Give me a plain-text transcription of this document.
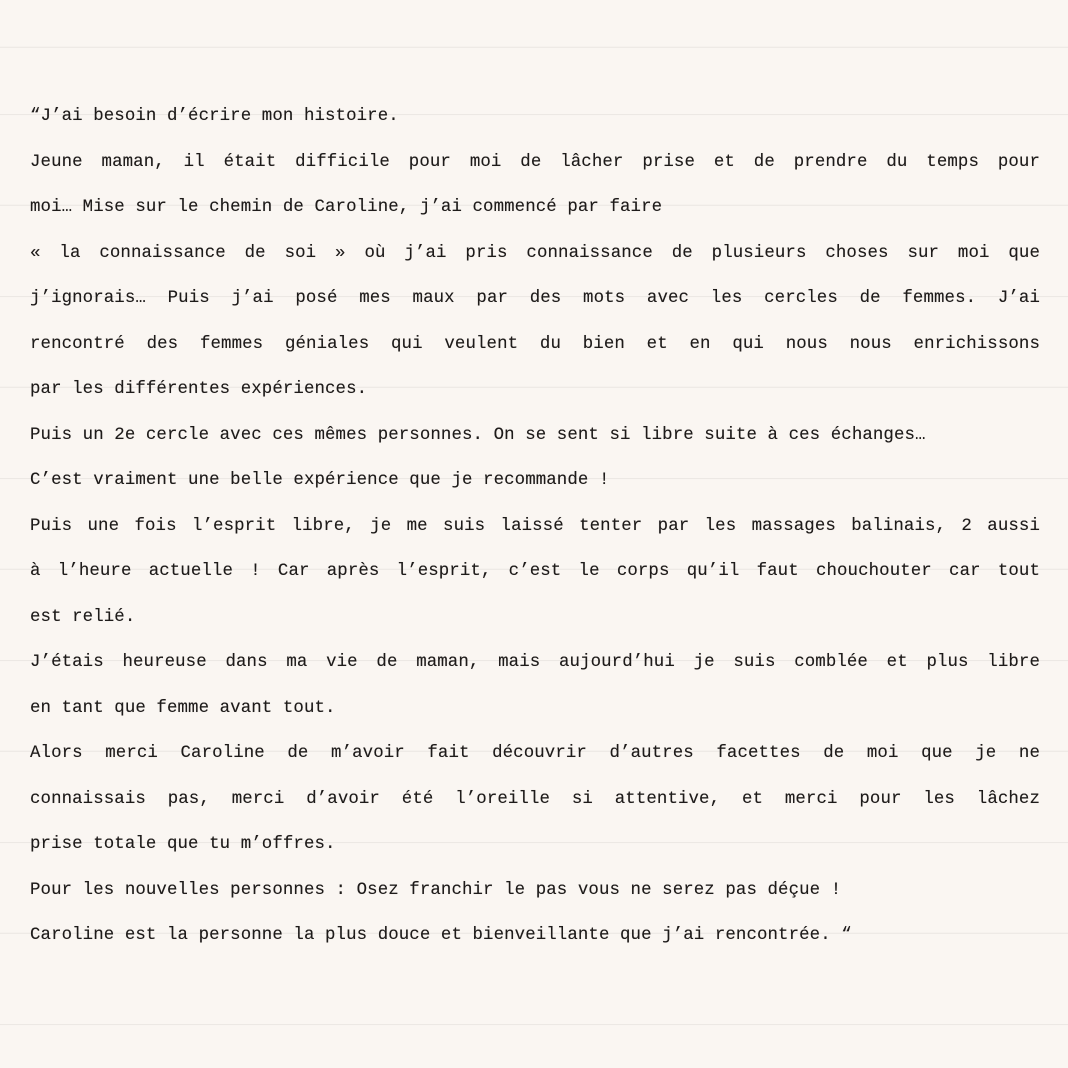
“J’ai besoin d’écrire mon histoire.
Jeune maman, il était difficile pour moi de lâcher prise et de prendre du temps pour
moi… Mise sur le chemin de Caroline, j’ai commencé par faire
« la connaissance de soi » où j’ai pris connaissance de plusieurs choses sur moi que
j’ignorais… Puis j’ai posé mes maux par des mots avec les cercles de femmes. J’ai
rencontré des femmes géniales qui veulent du bien et en qui nous nous enrichissons
par les différentes expériences.
Puis un 2e cercle avec ces mêmes personnes. On se sent si libre suite à ces échanges…
C’est vraiment une belle expérience que je recommande !
Puis une fois l’esprit libre, je me suis laissé tenter par les massages balinais, 2 aussi
à l’heure actuelle ! Car après l’esprit, c’est le corps qu’il faut chouchouter car tout
est relié.
J’étais heureuse dans ma vie de maman, mais aujourd’hui je suis comblée et plus libre
en tant que femme avant tout.
Alors merci Caroline de m’avoir fait découvrir d’autres facettes de moi que je ne
connaissais pas, merci d’avoir été l’oreille si attentive, et merci pour les lâchez
prise totale que tu m’offres.
Pour les nouvelles personnes : Osez franchir le pas vous ne serez pas déçue !
Caroline est la personne la plus douce et bienveillante que j’ai rencontrée. “
